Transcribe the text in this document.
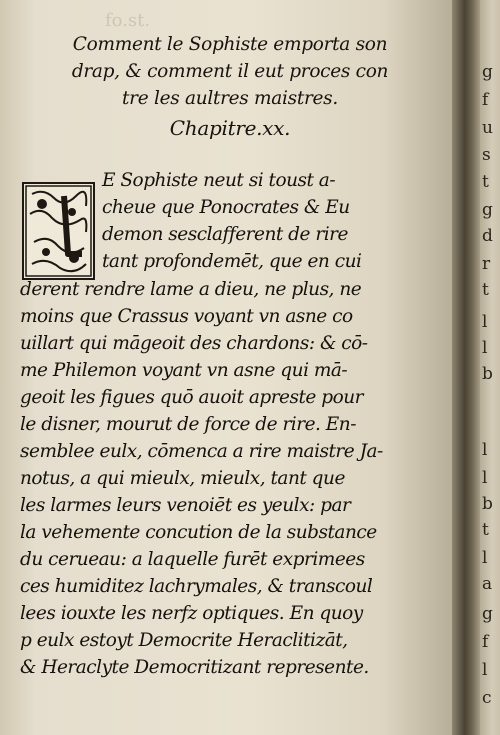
g
f
u
s
t
g
d
r
t
l
l
b
l
l
b
t
l
a
g
f
l
c
fo.st.
Comment le Sophiste emporta son
drap, & comment il eut proces con
tre les aultres maistres.
Chapitre.xx.
E Sophiste neut si toust a-
cheue que Ponocrates & Eu
demon sesclafferent de rire
tant profondemēt, que en cui
derent rendre lame a dieu, ne plus, ne
moins que Crassus voyant vn asne co
uillart qui māgeoit des chardons: & cō-
me Philemon voyant vn asne qui mā-
geoit les figues quō auoit apreste pour
le disner, mourut de force de rire. En-
semblee eulx, cōmenca a rire maistre Ja-
notus, a qui mieulx, mieulx, tant que
les larmes leurs venoiēt es yeulx: par
la vehemente concution de la substance
du cerueau: a laquelle furēt exprimees
ces humiditez lachrymales, & transcoul
lees iouxte les nerfz optiques. En quoy
p eulx estoyt Democrite Heraclitizāt,
& Heraclyte Democritizant represente.
